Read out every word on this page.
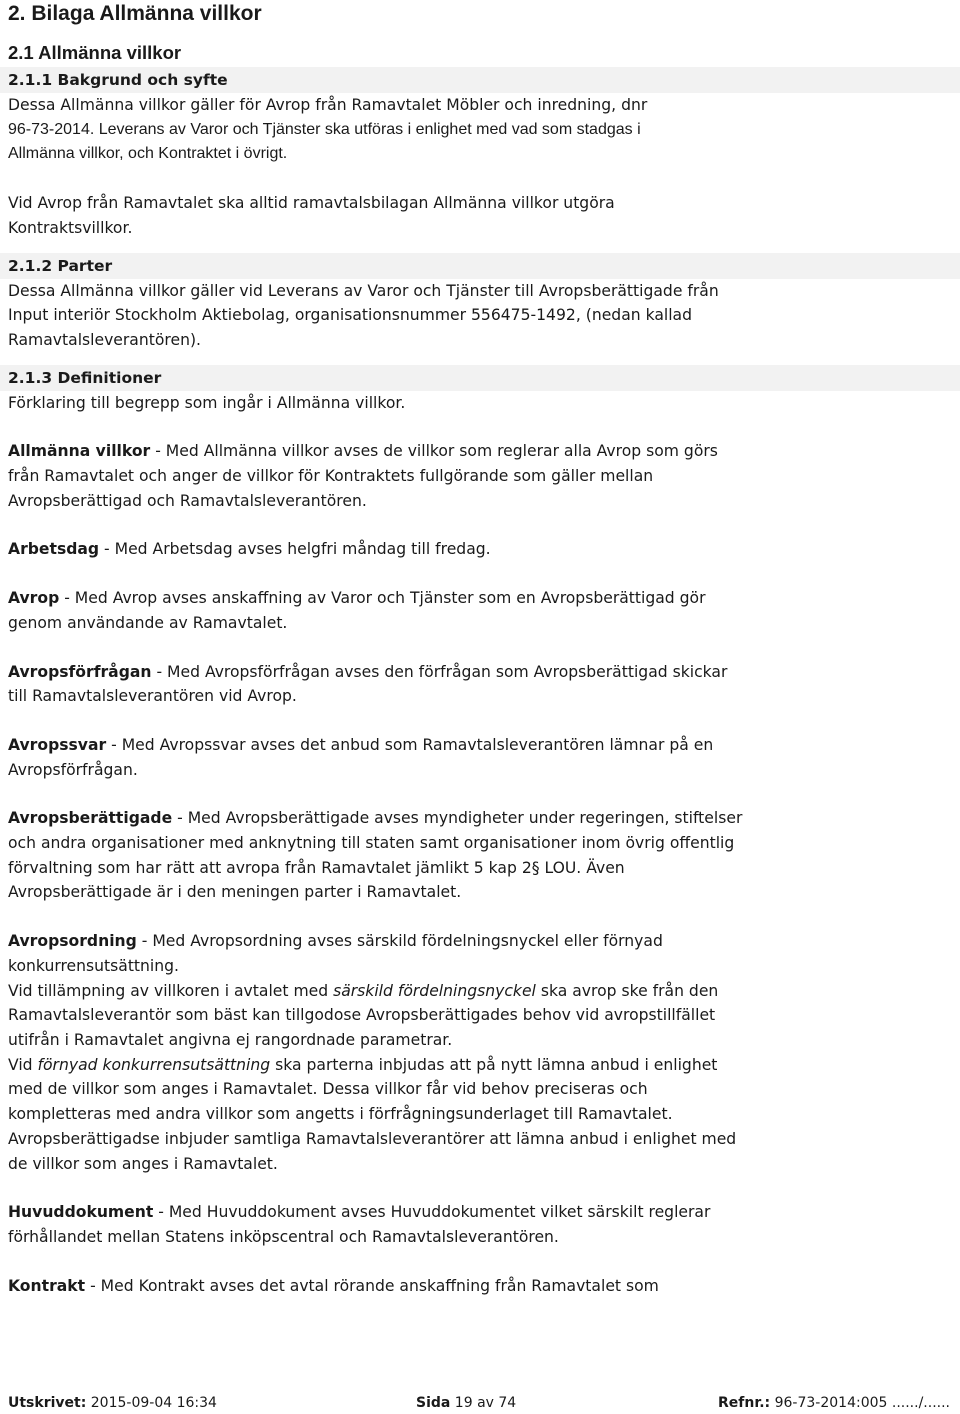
2. Bilaga Allmänna villkor
2.1 Allmänna villkor
2.1.1 Bakgrund och syfte

Dessa Allmänna villkor gäller för Avrop från Ramavtalet Möbler och inredning, dnr

96-73-2014. Leverans av Varor och Tjänster ska utföras i enlighet med vad som stadgas i

Allmänna villkor, och Kontraktet i övrigt.

Vid Avrop från Ramavtalet ska alltid ramavtalsbilagan Allmänna villkor utgöra

Kontraktsvillkor.

2.1.2 Parter

Dessa Allmänna villkor gäller vid Leverans av Varor och Tjänster till Avropsberättigade från

Input interiör Stockholm Aktiebolag, organisationsnummer 556475-1492, (nedan kallad

Ramavtalsleverantören).

2.1.3 Definitioner

Förklaring till begrepp som ingår i Allmänna villkor.

Allmänna villkor - Med Allmänna villkor avses de villkor som reglerar alla Avrop som görs

från Ramavtalet och anger de villkor för Kontraktets fullgörande som gäller mellan

Avropsberättigad och Ramavtalsleverantören.

Arbetsdag - Med Arbetsdag avses helgfri måndag till fredag.

Avrop - Med Avrop avses anskaffning av Varor och Tjänster som en Avropsberättigad gör

genom användande av Ramavtalet.

Avropsförfrågan - Med Avropsförfrågan avses den förfrågan som Avropsberättigad skickar

till Ramavtalsleverantören vid Avrop.

Avropssvar - Med Avropssvar avses det anbud som Ramavtalsleverantören lämnar på en

Avropsförfrågan.

Avropsberättigade - Med Avropsberättigade avses myndigheter under regeringen, stiftelser

och andra organisationer med anknytning till staten samt organisationer inom övrig offentlig

förvaltning som har rätt att avropa från Ramavtalet jämlikt 5 kap 2§ LOU. Även

Avropsberättigade är i den meningen parter i Ramavtalet.

Avropsordning - Med Avropsordning avses särskild fördelningsnyckel eller förnyad

konkurrensutsättning.

Vid tillämpning av villkoren i avtalet med särskild fördelningsnyckel ska avrop ske från den

Ramavtalsleverantör som bäst kan tillgodose Avropsberättigades behov vid avropstillfället

utifrån i Ramavtalet angivna ej rangordnade parametrar.

Vid förnyad konkurrensutsättning ska parterna inbjudas att på nytt lämna anbud i enlighet

med de villkor som anges i Ramavtalet. Dessa villkor får vid behov preciseras och

kompletteras med andra villkor som angetts i förfrågningsunderlaget till Ramavtalet.

Avropsberättigadse inbjuder samtliga Ramavtalsleverantörer att lämna anbud i enlighet med

de villkor som anges i Ramavtalet.

Huvuddokument - Med Huvuddokument avses Huvuddokumentet vilket särskilt reglerar

förhållandet mellan Statens inköpscentral och Ramavtalsleverantören.

Kontrakt - Med Kontrakt avses det avtal rörande anskaffning från Ramavtalet som

Utskrivet: 2015-09-04 16:34	Sida 19 av 74	Refnr.: 96-73-2014:005 ....../......
